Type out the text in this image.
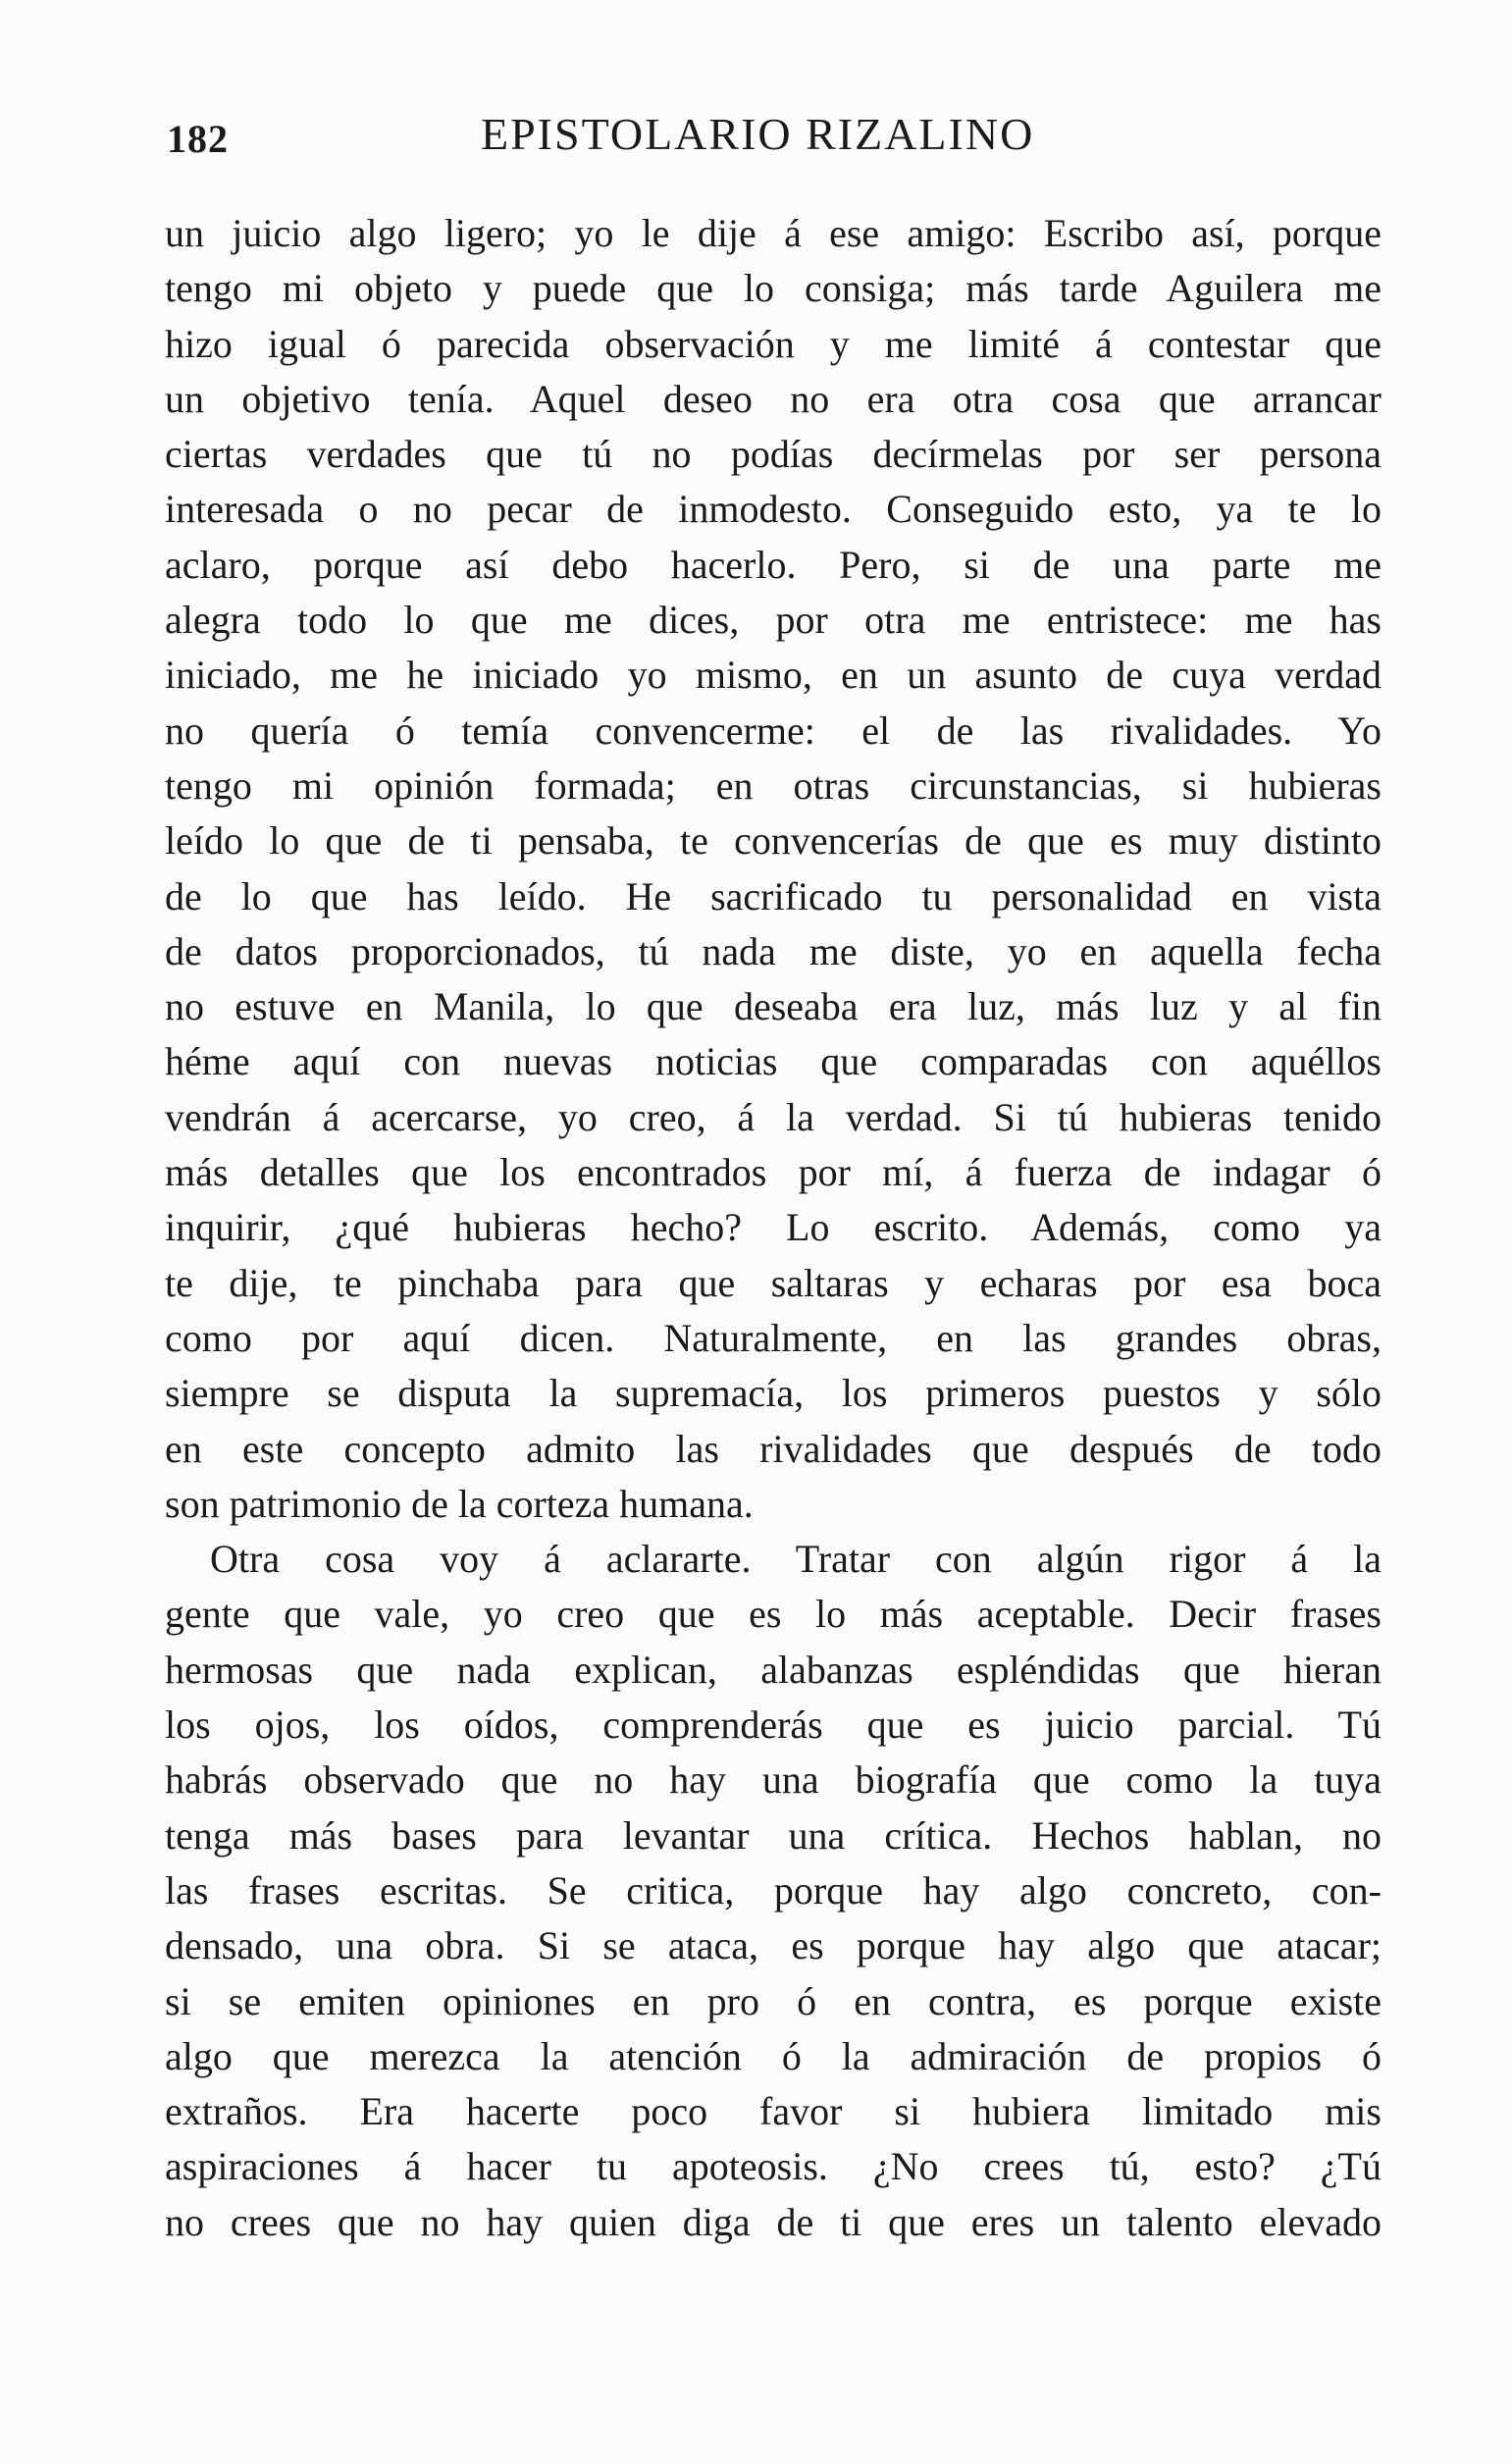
182	EPISTOLARIO RIZALINO
un juicio algo ligero; yo le dije á ese amigo: Escribo así, porque
tengo mi objeto y puede que lo consiga; más tarde Aguilera me
hizo igual ó parecida observación y me limité á contestar que
un objetivo tenía. Aquel deseo no era otra cosa que arrancar
ciertas verdades que tú no podías decírmelas por ser persona
interesada o no pecar de inmodesto. Conseguido esto, ya te lo
aclaro, porque así debo hacerlo. Pero, si de una parte me
alegra todo lo que me dices, por otra me entristece: me has
iniciado, me he iniciado yo mismo, en un asunto de cuya verdad
no quería ó temía convencerme: el de las rivalidades. Yo
tengo mi opinión formada; en otras circunstancias, si hubieras
leído lo que de ti pensaba, te convencerías de que es muy distinto
de lo que has leído. He sacrificado tu personalidad en vista
de datos proporcionados, tú nada me diste, yo en aquella fecha
no estuve en Manila, lo que deseaba era luz, más luz y al fin
héme aquí con nuevas noticias que comparadas con aquéllos
vendrán á acercarse, yo creo, á la verdad. Si tú hubieras tenido
más detalles que los encontrados por mí, á fuerza de indagar ó
inquirir, ¿qué hubieras hecho? Lo escrito. Además, como ya
te dije, te pinchaba para que saltaras y echaras por esa boca
como por aquí dicen. Naturalmente, en las grandes obras,
siempre se disputa la supremacía, los primeros puestos y sólo
en este concepto admito las rivalidades que después de todo
son patrimonio de la corteza humana.
Otra cosa voy á aclararte. Tratar con algún rigor á la
gente que vale, yo creo que es lo más aceptable. Decir frases
hermosas que nada explican, alabanzas espléndidas que hieran
los ojos, los oídos, comprenderás que es juicio parcial. Tú
habrás observado que no hay una biografía que como la tuya
tenga más bases para levantar una crítica. Hechos hablan, no
las frases escritas. Se critica, porque hay algo concreto, con-
densado, una obra. Si se ataca, es porque hay algo que atacar;
si se emiten opiniones en pro ó en contra, es porque existe
algo que merezca la atención ó la admiración de propios ó
extraños. Era hacerte poco favor si hubiera limitado mis
aspiraciones á hacer tu apoteosis. ¿No crees tú, esto? ¿Tú
no crees que no hay quien diga de ti que eres un talento elevado
